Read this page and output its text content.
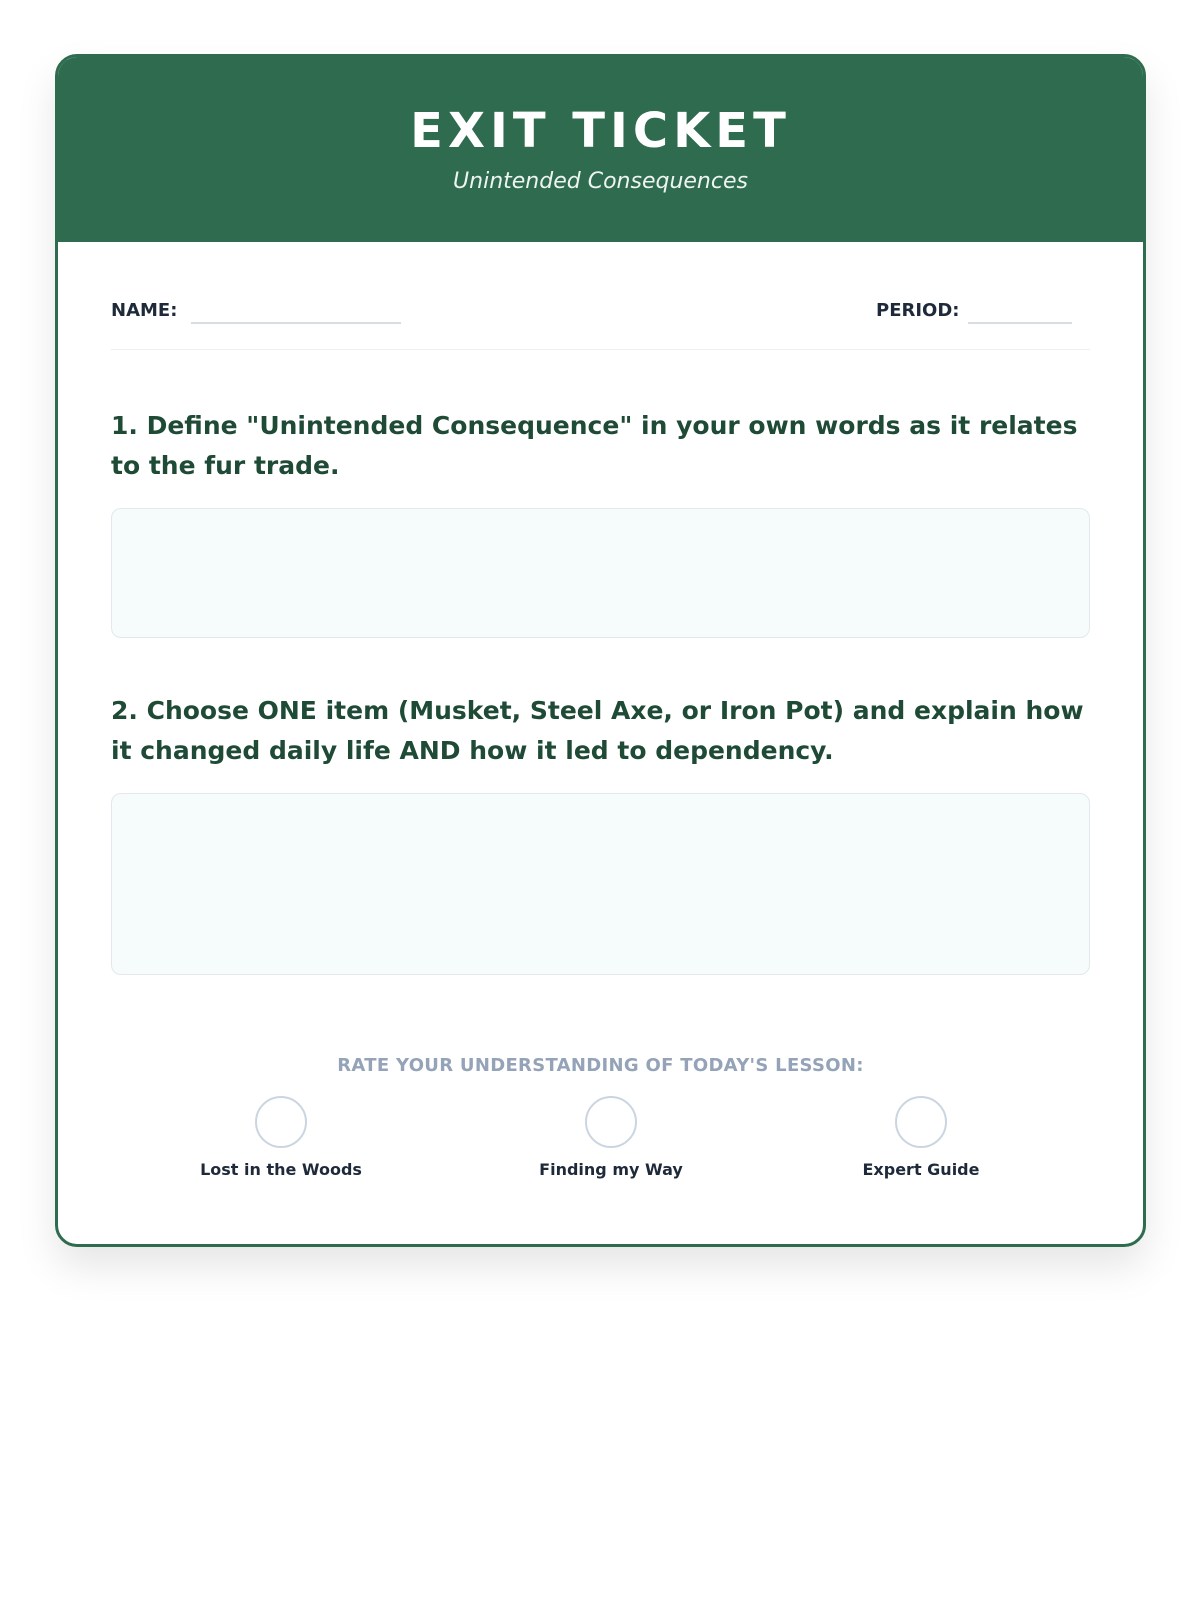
EXIT TICKET
Unintended Consequences
NAME:	PERIOD:

1. Define "Unintended Consequence" in your own words as it relates to the fur trade.

2. Choose ONE item (Musket, Steel Axe, or Iron Pot) and explain how it changed daily life AND how it led to dependency.

RATE YOUR UNDERSTANDING OF TODAY'S LESSON:
Lost in the Woods	Finding my Way	Expert Guide
